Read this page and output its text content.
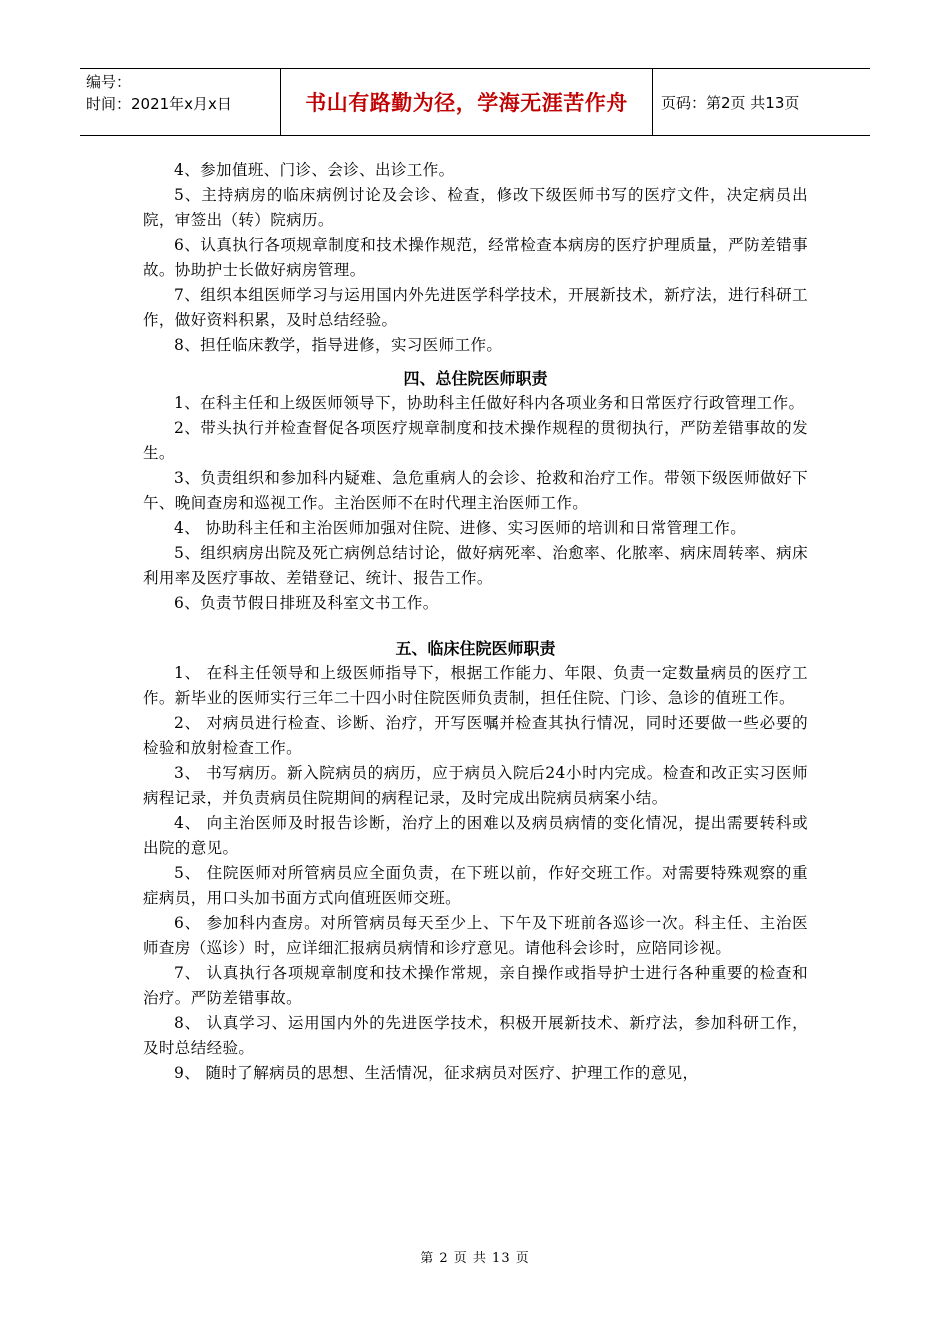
编号：
时间：2021年x月x日	书山有路勤为径，学海无涯苦作舟	页码：第2页 共13页

4、参加值班、门诊、会诊、出诊工作。

5、主持病房的临床病例讨论及会诊、检查，修改下级医师书写的医疗文件，决定病员出院，审签出（转）院病历。

6、认真执行各项规章制度和技术操作规范，经常检查本病房的医疗护理质量，严防差错事故。协助护士长做好病房管理。

7、组织本组医师学习与运用国内外先进医学科学技术，开展新技术，新疗法，进行科研工作，做好资料积累，及时总结经验。

8、担任临床教学，指导进修，实习医师工作。

四、总住院医师职责

1、在科主任和上级医师领导下，协助科主任做好科内各项业务和日常医疗行政管理工作。

2、带头执行并检查督促各项医疗规章制度和技术操作规程的贯彻执行，严防差错事故的发生。

3、负责组织和参加科内疑难、急危重病人的会诊、抢救和治疗工作。带领下级医师做好下午、晚间查房和巡视工作。主治医师不在时代理主治医师工作。

4、 协助科主任和主治医师加强对住院、进修、实习医师的培训和日常管理工作。

5、组织病房出院及死亡病例总结讨论，做好病死率、治愈率、化脓率、病床周转率、病床利用率及医疗事故、差错登记、统计、报告工作。

6、负责节假日排班及科室文书工作。

五、临床住院医师职责

1、 在科主任领导和上级医师指导下，根据工作能力、年限、负责一定数量病员的医疗工作。新毕业的医师实行三年二十四小时住院医师负责制，担任住院、门诊、急诊的值班工作。

2、 对病员进行检查、诊断、治疗，开写医嘱并检查其执行情况，同时还要做一些必要的检验和放射检查工作。

3、 书写病历。新入院病员的病历，应于病员入院后24小时内完成。检查和改正实习医师病程记录，并负责病员住院期间的病程记录，及时完成出院病员病案小结。

4、 向主治医师及时报告诊断，治疗上的困难以及病员病情的变化情况，提出需要转科或出院的意见。

5、 住院医师对所管病员应全面负责，在下班以前，作好交班工作。对需要特殊观察的重症病员，用口头加书面方式向值班医师交班。

6、 参加科内查房。对所管病员每天至少上、下午及下班前各巡诊一次。科主任、主治医师查房（巡诊）时，应详细汇报病员病情和诊疗意见。请他科会诊时，应陪同诊视。

7、 认真执行各项规章制度和技术操作常规，亲自操作或指导护士进行各种重要的检查和治疗。严防差错事故。

8、 认真学习、运用国内外的先进医学技术，积极开展新技术、新疗法，参加科研工作，及时总结经验。

9、 随时了解病员的思想、生活情况，征求病员对医疗、护理工作的意见，

第 2 页 共 13 页
